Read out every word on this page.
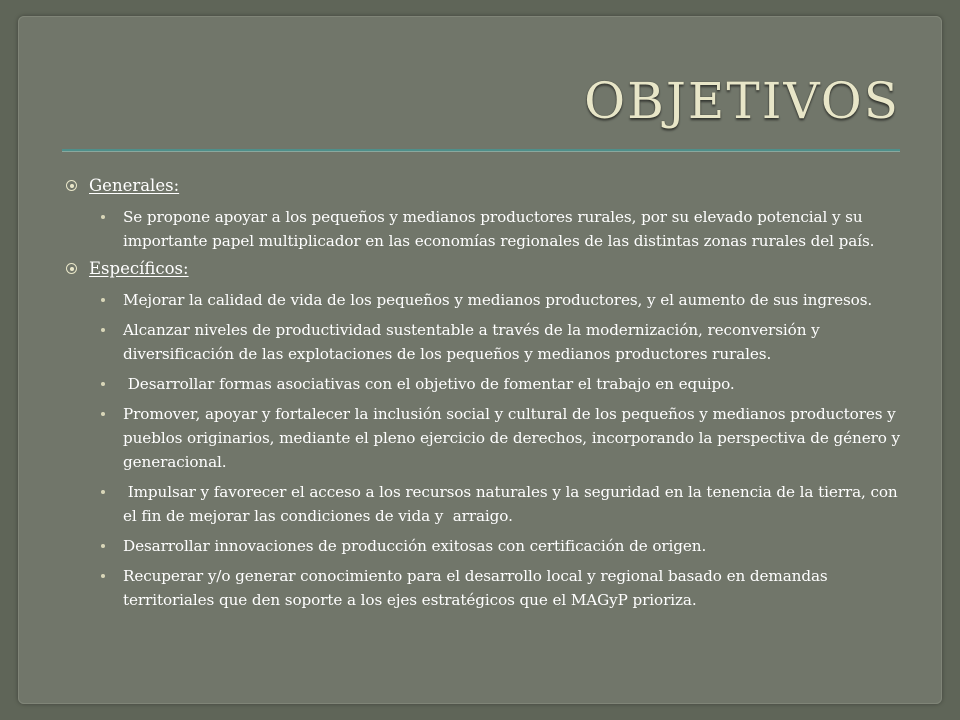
OBJETIVOS
Generales:
Se propone apoyar a los pequeños y medianos productores rurales, por su elevado potencial y su importante papel multiplicador en las economías regionales de las distintas zonas rurales del país.
Específicos:
Mejorar la calidad de vida de los pequeños y medianos productores, y el aumento de sus ingresos.
Alcanzar niveles de productividad sustentable a través de la modernización, reconversión y diversificación de las explotaciones de los pequeños y medianos productores rurales.
Desarrollar formas asociativas con el objetivo de fomentar el trabajo en equipo.
Promover, apoyar y fortalecer la inclusión social y cultural de los pequeños y medianos productores y pueblos originarios, mediante el pleno ejercicio de derechos, incorporando la perspectiva de género y generacional.
Impulsar y favorecer el acceso a los recursos naturales y la seguridad en la tenencia de la tierra, con el fin de mejorar las condiciones de vida y  arraigo.
Desarrollar innovaciones de producción exitosas con certificación de origen.
Recuperar y/o generar conocimiento para el desarrollo local y regional basado en demandas territoriales que den soporte a los ejes estratégicos que el MAGyP prioriza.
